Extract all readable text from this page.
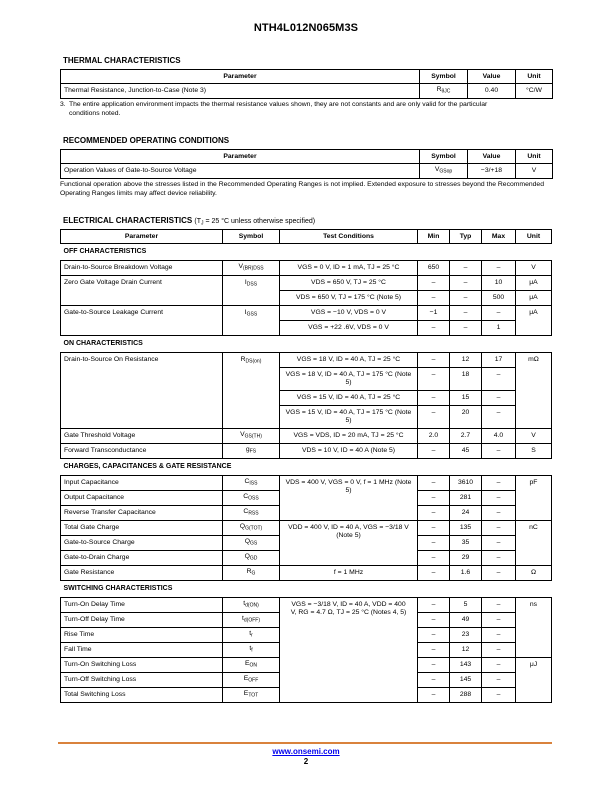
NTH4L012N065M3S
THERMAL CHARACTERISTICS
Parameter	Symbol	Value	Unit
Thermal Resistance, Junction-to-Case (Note 3)	$R_{\theta JC}$	0.40	°C/W
3. The entire application environment impacts the thermal resistance values shown, they are not constants and are only valid for the particular
conditions noted.
RECOMMENDED OPERATING CONDITIONS
Parameter	Symbol	Value	Unit
Operation Values of Gate-to-Source Voltage	$V_{GSop}$	−3/+18	V
Functional operation above the stresses listed in the Recommended Operating Ranges is not implied. Extended exposure to stresses beyond the Recommended Operating Ranges limits may affect device reliability.
ELECTRICAL CHARACTERISTICS ($T_J = 25$ °C unless otherwise specified)
Parameter	Symbol	Test Conditions	Min	Typ	Max	Unit
OFF CHARACTERISTICS						
Drain-to-Source Breakdown Voltage	$V_{(BR)DSS}$	VGS = 0 V, ID = 1 mA, TJ = 25 °C	650	–	–	V
Zero Gate Voltage Drain Current	$I_{DSS}$	VDS = 650 V, TJ = 25 °C	–	–	10	μA
		VDS = 650 V, TJ = 175 °C (Note 5)	–	–	500	μA
Gate-to-Source Leakage Current	$I_{GSS}$	VGS = −10 V, VDS = 0 V	−1	–	–	μA
		VGS = +22 .6V, VDS = 0 V	–	–	1	
ON CHARACTERISTICS						
Drain-to-Source On Resistance	$R_{DS(on)}$	VGS = 18 V, ID = 40 A, TJ = 25 °C	–	12	17	mΩ
		VGS = 18 V, ID = 40 A, TJ = 175 °C (Note 5)	–	18	–	
		VGS = 15 V, ID = 40 A, TJ = 25 °C	–	15	–	
		VGS = 15 V, ID = 40 A, TJ = 175 °C (Note 5)	–	20	–	
Gate Threshold Voltage	$V_{GS(TH)}$	VGS = VDS, ID = 20 mA, TJ = 25 °C	2.0	2.7	4.0	V
Forward Transconductance	$g_{FS}$	VDS = 10 V, ID = 40 A (Note 5)	–	45	–	S
CHARGES, CAPACITANCES & GATE RESISTANCE						
Input Capacitance	$C_{ISS}$	VDS = 400 V, VGS = 0 V, f = 1 MHz (Note 5)	–	3610	–	pF
Output Capacitance	$C_{OSS}$		–	281	–	
Reverse Transfer Capacitance	$C_{RSS}$		–	24	–	
Total Gate Charge	$Q_{G(TOT)}$	VDD = 400 V, ID = 40 A, VGS = −3/18 V (Note 5)	–	135	–	nC
Gate-to-Source Charge	$Q_{GS}$		–	35	–	
Gate-to-Drain Charge	$Q_{GD}$		–	29	–	
Gate Resistance	$R_G$	f = 1 MHz	–	1.6	–	Ω
SWITCHING CHARACTERISTICS						
Turn-On Delay Time	$t_{d(ON)}$	VGS = −3/18 V, ID = 40 A, VDD = 400 V, RG = 4.7 Ω, TJ = 25 °C (Notes 4, 5)	–	5	–	ns
Turn-Off Delay Time	$t_{d(OFF)}$		–	49	–	
Rise Time	$t_r$		–	23	–	
Fall Time	$t_f$		–	12	–	
Turn-On Switching Loss	$E_{ON}$		–	143	–	μJ
Turn-Off Switching Loss	$E_{OFF}$		–	145	–	
Total Switching Loss	$E_{TOT}$		–	288	–	
www.onsemi.com
2
